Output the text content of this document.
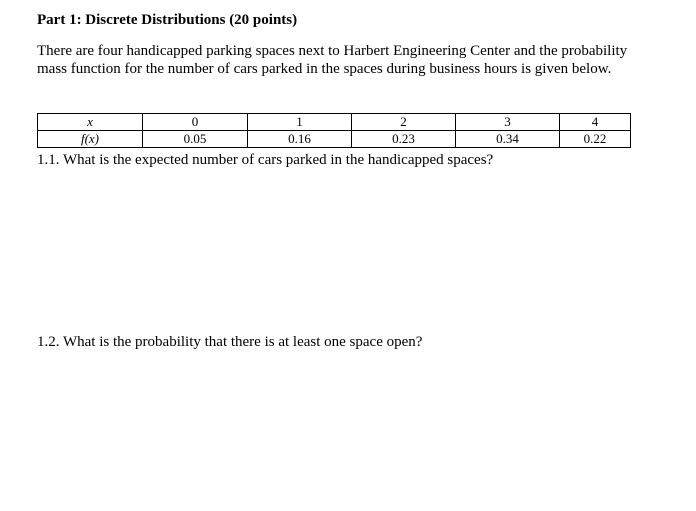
Part 1: Discrete Distributions (20 points)
There are four handicapped parking spaces next to Harbert Engineering Center and the probability mass function for the number of cars parked in the spaces during business hours is given below.
x	0	1	2	3	4
f(x)	0.05	0.16	0.23	0.34	0.22
1.1. What is the expected number of cars parked in the handicapped spaces?
1.2. What is the probability that there is at least one space open?
